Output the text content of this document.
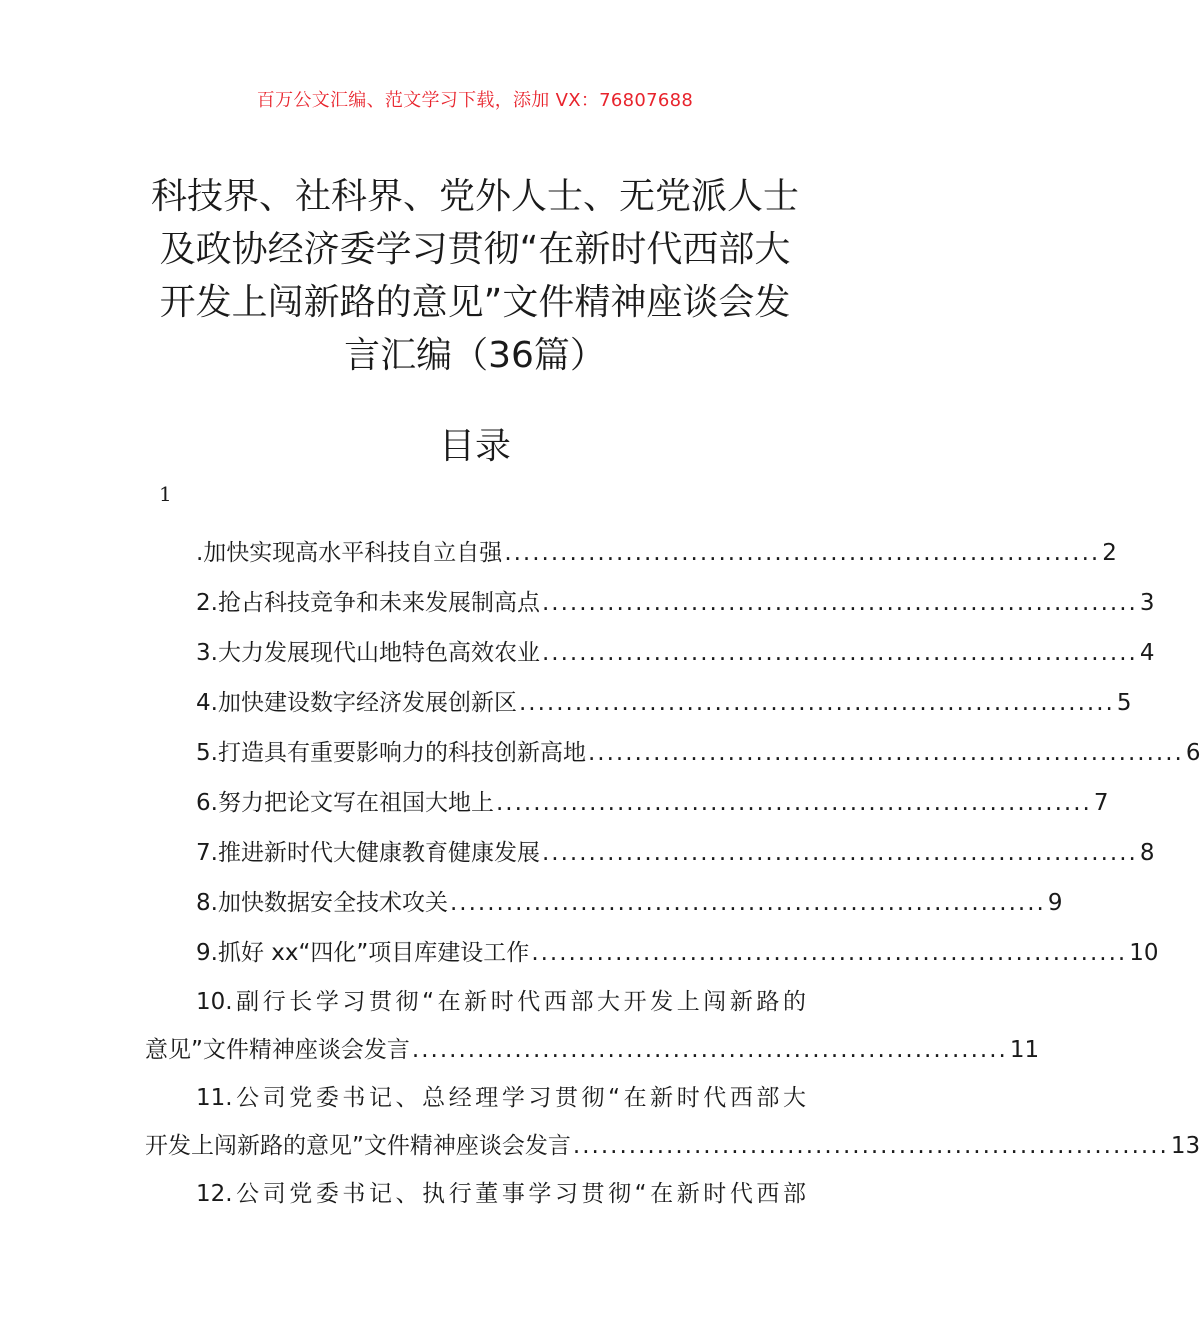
百万公文汇编、范文学习下载，添加 VX：76807688
科技界、社科界、党外人士、无党派人士及政协经济委学习贯彻“在新时代西部大开发上闯新路的意见”文件精神座谈会发言汇编（36篇）
目录
1
.加快实现高水平科技自立自强 ................................................................ 2
2.抢占科技竞争和未来发展制高点 ................................................................ 3
3.大力发展现代山地特色高效农业 ................................................................ 4
4.加快建设数字经济发展创新区 ................................................................ 5
5.打造具有重要影响力的科技创新高地 ................................................................ 6
6.努力把论文写在祖国大地上 ................................................................ 7
7.推进新时代大健康教育健康发展 ................................................................ 8
8.加快数据安全技术攻关 ................................................................ 9
9.抓好 xx“四化”项目库建设工作 ................................................................ 10
10.副行长学习贯彻“在新时代西部大开发上闯新路的
意见”文件精神座谈会发言 ................................................................ 11
11.公司党委书记、总经理学习贯彻“在新时代西部大
开发上闯新路的意见”文件精神座谈会发言 ................................................................ 13
12.公司党委书记、执行董事学习贯彻“在新时代西部
